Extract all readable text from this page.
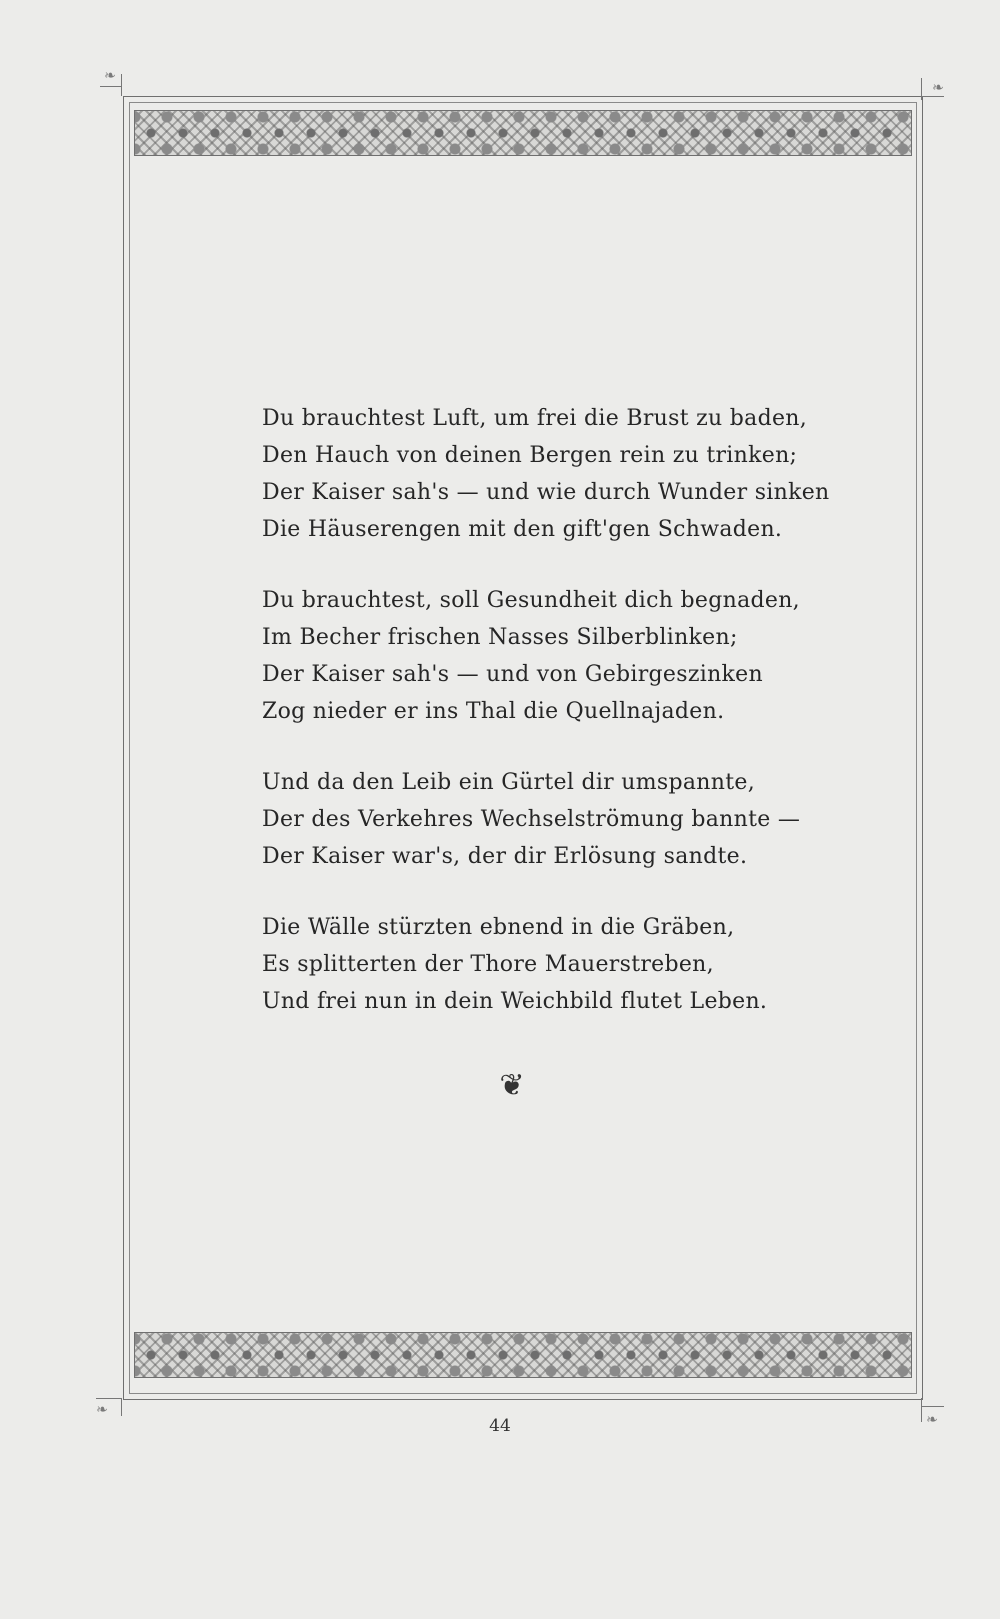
❧
❧
❧
❧
Du brauchtest Luft, um frei die Brust zu baden,
Den Hauch von deinen Bergen rein zu trinken;
Der Kaiser sah's — und wie durch Wunder sinken
Die Häuserengen mit den gift'gen Schwaden.
Du brauchtest, soll Gesundheit dich begnaden,
Im Becher frischen Nasses Silberblinken;
Der Kaiser sah's — und von Gebirgeszinken
Zog nieder er ins Thal die Quellnajaden.
Und da den Leib ein Gürtel dir umspannte,
Der des Verkehres Wechselströmung bannte —
Der Kaiser war's, der dir Erlösung sandte.
Die Wälle stürzten ebnend in die Gräben,
Es splitterten der Thore Mauerstreben,
Und frei nun in dein Weichbild flutet Leben.
❦
44
